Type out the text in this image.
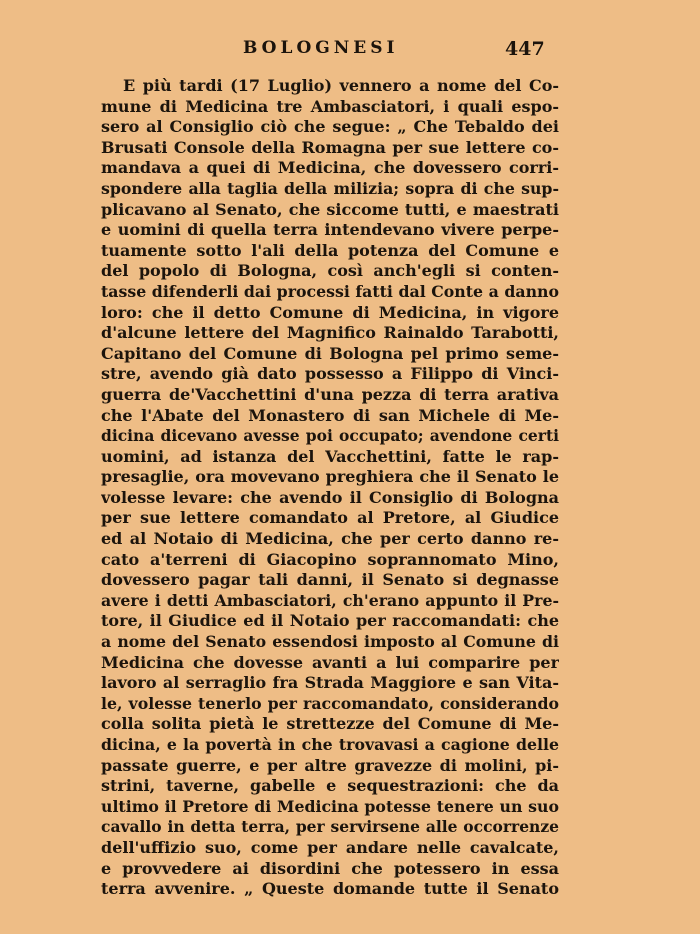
BOLOGNESI	447
E più tardi (17 Luglio) vennero a nome del Co-
mune di Medicina tre Ambasciatori, i quali espo-
sero al Consiglio ciò che segue: „ Che Tebaldo dei
Brusati Console della Romagna per sue lettere co-
mandava a quei di Medicina, che dovessero corri-
spondere alla taglia della milizia; sopra di che sup-
plicavano al Senato, che siccome tutti, e maestrati
e uomini di quella terra intendevano vivere perpe-
tuamente sotto l'ali della potenza del Comune e
del popolo di Bologna, così anch'egli si conten-
tasse difenderli dai processi fatti dal Conte a danno
loro: che il detto Comune di Medicina, in vigore
d'alcune lettere del Magnifico Rainaldo Tarabotti,
Capitano del Comune di Bologna pel primo seme-
stre, avendo già dato possesso a Filippo di Vinci-
guerra de'Vacchettini d'una pezza di terra arativa
che l'Abate del Monastero di san Michele di Me-
dicina dicevano avesse poi occupato; avendone certi
uomini, ad istanza del Vacchettini, fatte le rap-
presaglie, ora movevano preghiera che il Senato le
volesse levare: che avendo il Consiglio di Bologna
per sue lettere comandato al Pretore, al Giudice
ed al Notaio di Medicina, che per certo danno re-
cato a'terreni di Giacopino soprannomato Mino,
dovessero pagar tali danni, il Senato si degnasse
avere i detti Ambasciatori, ch'erano appunto il Pre-
tore, il Giudice ed il Notaio per raccomandati: che
a nome del Senato essendosi imposto al Comune di
Medicina che dovesse avanti a lui comparire per
lavoro al serraglio fra Strada Maggiore e san Vita-
le, volesse tenerlo per raccomandato, considerando
colla solita pietà le strettezze del Comune di Me-
dicina, e la povertà in che trovavasi a cagione delle
passate guerre, e per altre gravezze di molini, pi-
strini, taverne, gabelle e sequestrazioni: che da
ultimo il Pretore di Medicina potesse tenere un suo
cavallo in detta terra, per servirsene alle occorrenze
dell'uffizio suo, come per andare nelle cavalcate,
e provvedere ai disordini che potessero in essa
terra avvenire. „ Queste domande tutte il Senato
